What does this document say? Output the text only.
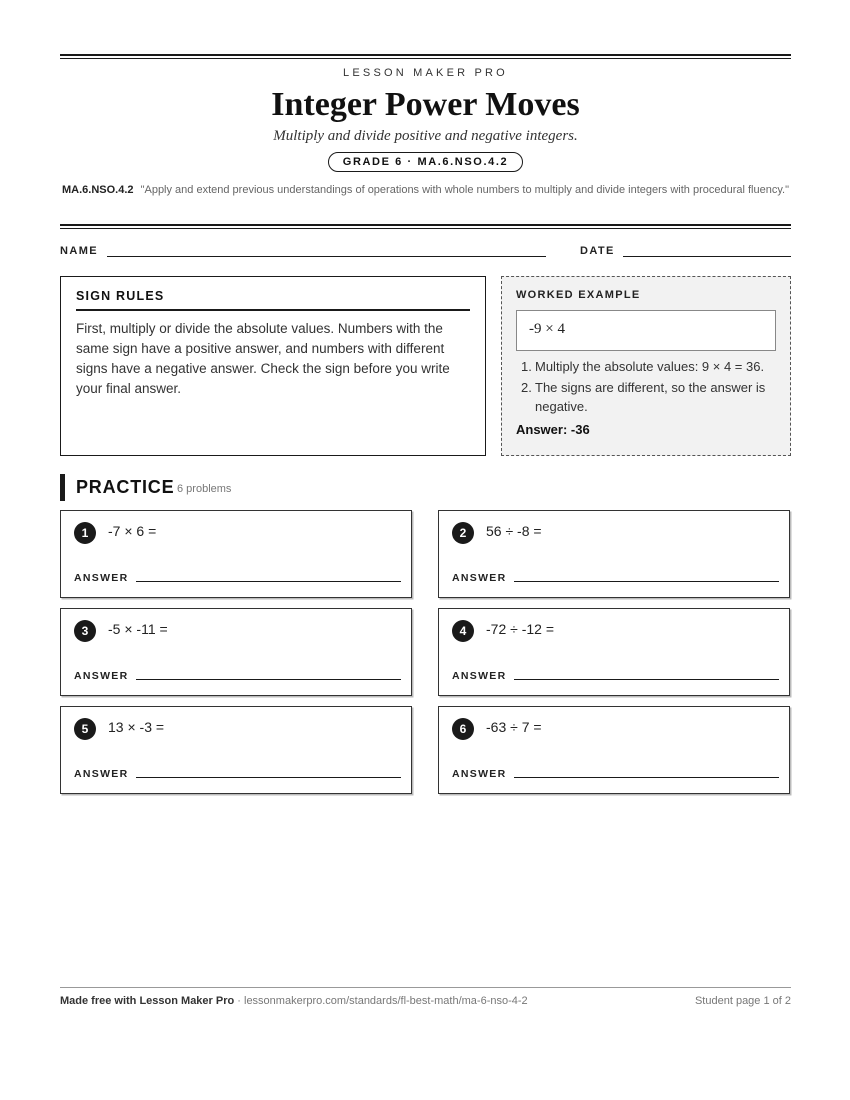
LESSON MAKER PRO
Integer Power Moves
Multiply and divide positive and negative integers.
GRADE 6 · MA.6.NSO.4.2
MA.6.NSO.4.2 "Apply and extend previous understandings of operations with whole numbers to multiply and divide integers with procedural fluency."
NAME	DATE
SIGN RULES
First, multiply or divide the absolute values. Numbers with the same sign have a positive answer, and numbers with different signs have a negative answer. Check the sign before you write your final answer.
WORKED EXAMPLE
-9 × 4
1. Multiply the absolute values: 9 × 4 = 36.
2. The signs are different, so the answer is negative.
Answer: -36
PRACTICE 6 problems
1	-7 × 6 =
ANSWER
2	56 ÷ -8 =
ANSWER
3	-5 × -11 =
ANSWER
4	-72 ÷ -12 =
ANSWER
5	13 × -3 =
ANSWER
6	-63 ÷ 7 =
ANSWER
Made free with Lesson Maker Pro · lessonmakerpro.com/standards/fl-best-math/ma-6-nso-4-2	Student page 1 of 2
